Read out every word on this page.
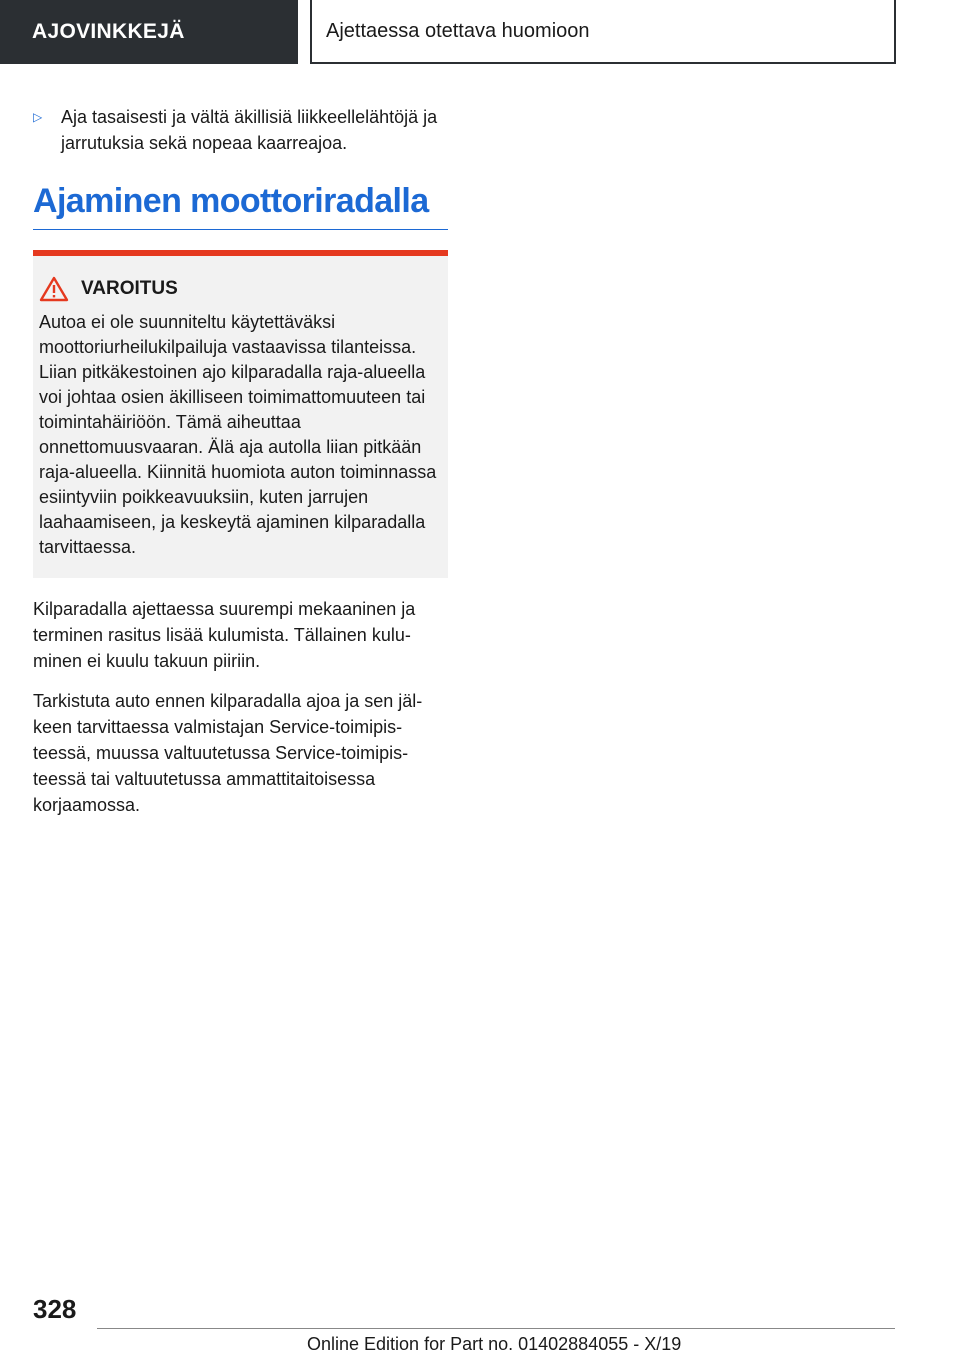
AJOVINKKEJÄ	Ajettaessa otettava huomioon
▷	Aja tasaisesti ja vältä äkillisiä liikkeellelähtöjä ja jarrutuksia sekä nopeaa kaarreajoa.
Ajaminen moottoriradalla
VAROITUS
Autoa ei ole suunniteltu käytettäväksi moottoriurheilukilpailuja vastaavissa tilanteissa. Liian pitkäkestoinen ajo kilparadalla raja-alueella voi johtaa osien äkilliseen toimimattomuuteen tai toimintahäiriöön. Tämä aiheuttaa onnettomuusvaaran. Älä aja autolla liian pitkään raja-alueella. Kiinnitä huomiota auton toiminnassa esiintyviin poikkeavuuksiin, kuten jarrujen laahaamiseen, ja keskeytä ajaminen kilparadalla tarvittaessa.

Kilparadalla ajettaessa suurempi mekaaninen ja terminen rasitus lisää kulumista. Tällainen kuluminen ei kuulu takuun piiriin.

Tarkistuta auto ennen kilparadalla ajoa ja sen jälkeen tarvittaessa valmistajan Service-toimipisteessä, muussa valtuutetussa Service-toimipisteessä tai valtuutetussa ammattitaitoisessa korjaamossa.

328
Online Edition for Part no. 01402884055 - X/19
